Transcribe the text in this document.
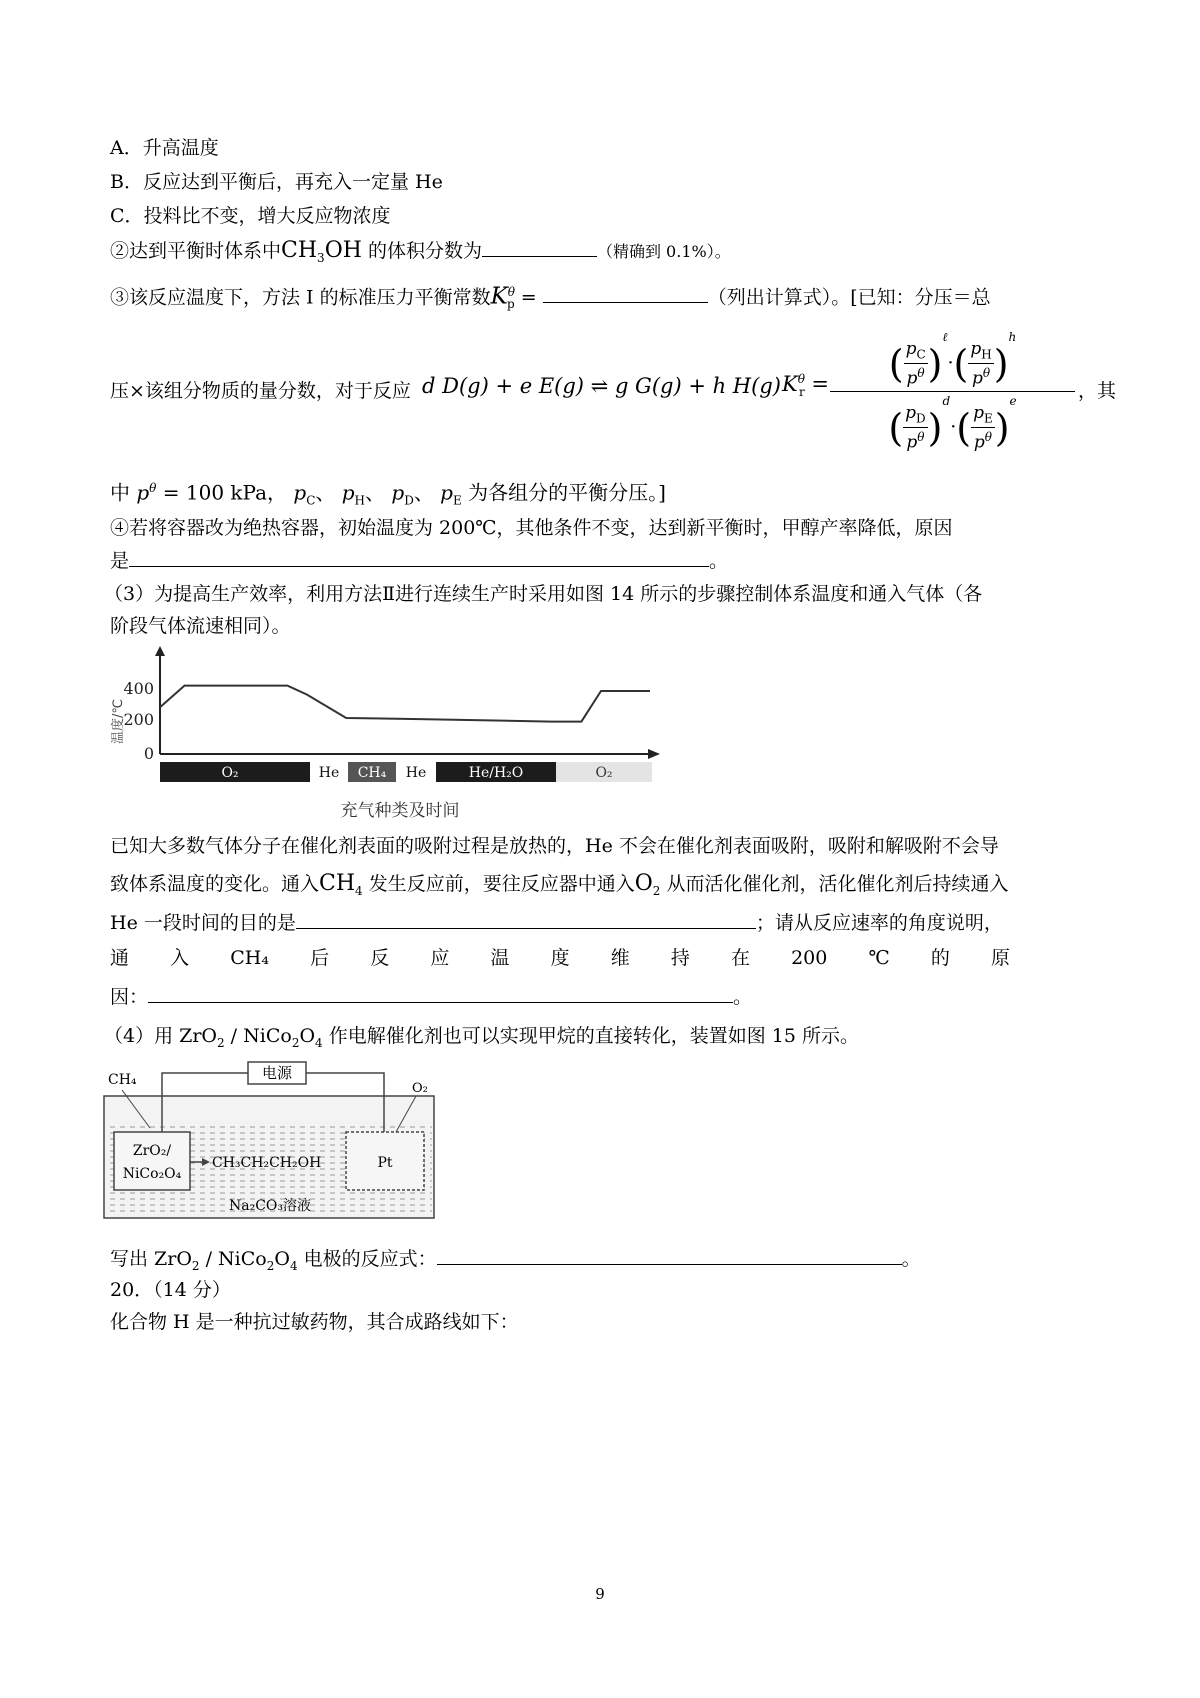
A．升高温度
B．反应达到平衡后，再充入一定量 He
C．投料比不变，增大反应物浓度
②达到平衡时体系中$CH_3OH$ 的体积分数为	（精确到 0.1%）。
③该反应温度下，方法 I 的标准压力平衡常数$K^\theta_p$ =	（列出计算式）。[已知：分压＝总
压×该组分物质的量分数，对于反应 d D(g) + e E(g) ⇌ g G(g) + h H(g) $K^\theta_r$ =	( $\frac{p_C}{p^\theta} )^\ell\cdot( \frac{p_H}{p^\theta} )^h$
( $\frac{p_D}{p^\theta} )^d\cdot( \frac{p_E}{p^\theta} )^e$	，其
中 $p^\theta = 100$ kPa， $p_C$、 $p_H$、 $p_D$、 $p_E$ 为各组分的平衡分压。]
④若将容器改为绝热容器，初始温度为 200℃，其他条件不变，达到新平衡时，甲醇产率降低，原因
是	。
（3）为提高生产效率，利用方法Ⅱ进行连续生产时采用如图 14 所示的步骤控制体系温度和通入气体（各
阶段气体流速相同）。
温度/℃
400
200
0
O₂	He CH₄ He	He/H₂O	O₂
充气种类及时间
已知大多数气体分子在催化剂表面的吸附过程是放热的，He 不会在催化剂表面吸附，吸附和解吸附不会导
致体系温度的变化。通入$CH_4$ 发生反应前，要往反应器中通入$O_2$ 从而活化催化剂，活化催化剂后持续通入
He 一段时间的目的是	；请从反应速率的角度说明，
通 入 CH₄ 后 反 应 温 度 维 持 在 200 ℃ 的 原
因：	。
（4）用 $ZrO_2 / NiCo_2O_4$ 作电解催化剂也可以实现甲烷的直接转化，装置如图 15 所示。
电源
CH₄
O₂
ZrO₂/
NiCo₂O₄
CH₃CH₂CH₂OH	Pt
Na₂CO₃溶液
写出 $ZrO_2 / NiCo_2O_4$ 电极的反应式：	。
20．（14 分）
化合物 H 是一种抗过敏药物，其合成路线如下：
9
